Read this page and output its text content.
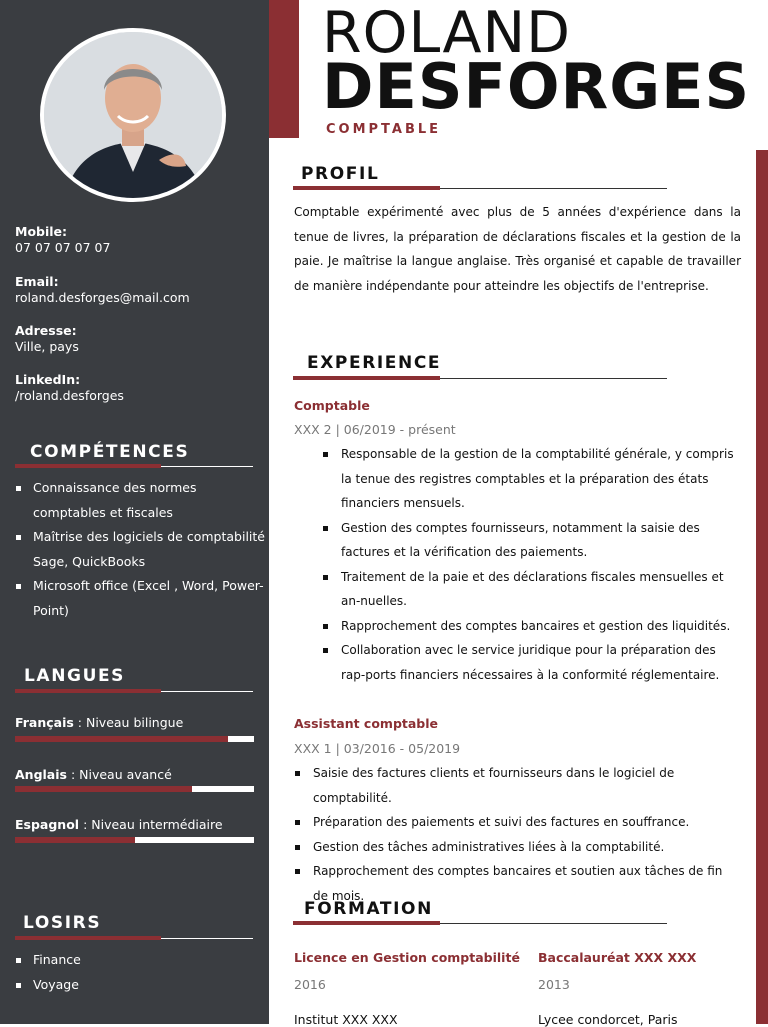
Mobile:
07 07 07 07 07
Email:
roland.desforges@mail.com
Adresse:
Ville, pays
LinkedIn:
/roland.desforges
COMPÉTENCES
Connaissance des normes comptables et fiscales
Maîtrise des logiciels de comptabilité Sage, QuickBooks
Microsoft office (Excel , Word, Power-Point)
LANGUES
Français : Niveau bilingue
Anglais : Niveau avancé
Espagnol : Niveau intermédiaire
LOSIRS
Finance
Voyage
ROLAND
DESFORGES
COMPTABLE
PROFIL
Comptable expérimenté avec plus de 5 années d'expérience dans la tenue de livres, la préparation de déclarations fiscales et la gestion de la paie. Je maîtrise la langue anglaise. Très organisé et capable de travailler de manière indépendante pour atteindre les objectifs de l'entreprise.
EXPERIENCE
Comptable
XXX 2 | 06/2019 - présent
Responsable de la gestion de la comptabilité générale, y compris la tenue des registres comptables et la préparation des états financiers mensuels.
Gestion des comptes fournisseurs, notamment la saisie des factures et la vérification des paiements.
Traitement de la paie et des déclarations fiscales mensuelles et an-nuelles.
Rapprochement des comptes bancaires et gestion des liquidités.
Collaboration avec le service juridique pour la préparation des rap-ports financiers nécessaires à la conformité réglementaire.
Assistant comptable
XXX 1 | 03/2016 - 05/2019
Saisie des factures clients et fournisseurs dans le logiciel de comptabilité.
Préparation des paiements et suivi des factures en souffrance.
Gestion des tâches administratives liées à la comptabilité.
Rapprochement des comptes bancaires et soutien aux tâches de fin de mois.
FORMATION
Licence en Gestion comptabilité
2016
Institut XXX XXX
Baccalauréat XXX XXX
2013
Lycee condorcet, Paris
